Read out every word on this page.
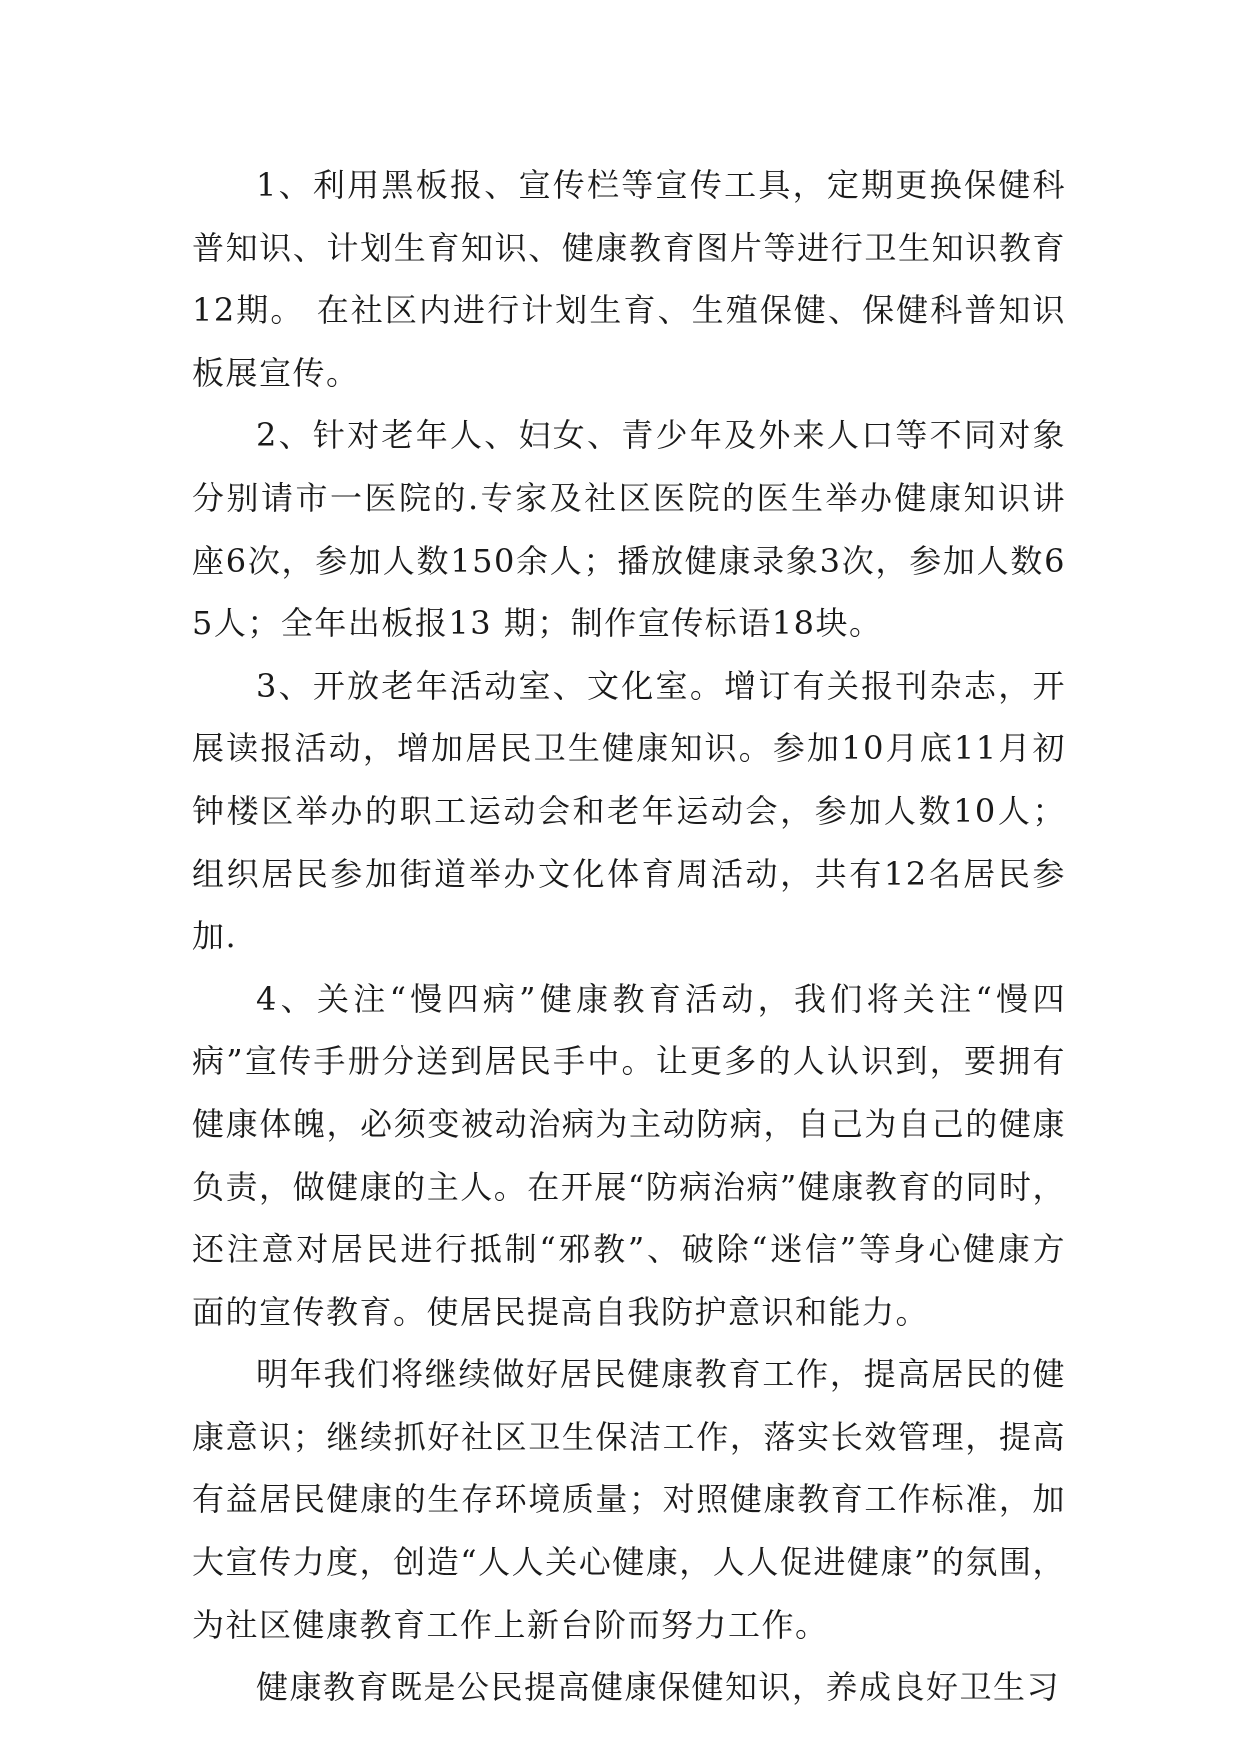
1、利用黑板报、宣传栏等宣传工具，定期更换保健科普知识、计划生育知识、健康教育图片等进行卫生知识教育12期。 在社区内进行计划生育、生殖保健、保健科普知识板展宣传。

2、针对老年人、妇女、青少年及外来人口等不同对象分别请市一医院的.专家及社区医院的医生举办健康知识讲座6次，参加人数150余人；播放健康录象3次，参加人数65人；全年出板报13 期；制作宣传标语18块。

3、开放老年活动室、文化室。增订有关报刊杂志，开展读报活动，增加居民卫生健康知识。参加10月底11月初钟楼区举办的职工运动会和老年运动会，参加人数10人；组织居民参加街道举办文化体育周活动，共有12名居民参加.

4、关注“慢四病”健康教育活动，我们将关注“慢四病”宣传手册分送到居民手中。让更多的人认识到，要拥有健康体魄，必须变被动治病为主动防病，自己为自己的健康负责，做健康的主人。在开展“防病治病”健康教育的同时，还注意对居民进行抵制“邪教”、破除“迷信”等身心健康方面的宣传教育。使居民提高自我防护意识和能力。

明年我们将继续做好居民健康教育工作，提高居民的健康意识；继续抓好社区卫生保洁工作，落实长效管理，提高有益居民健康的生存环境质量；对照健康教育工作标准，加大宣传力度，创造“人人关心健康，人人促进健康”的氛围，为社区健康教育工作上新台阶而努力工作。

健康教育既是公民提高健康保健知识，养成良好卫生习
